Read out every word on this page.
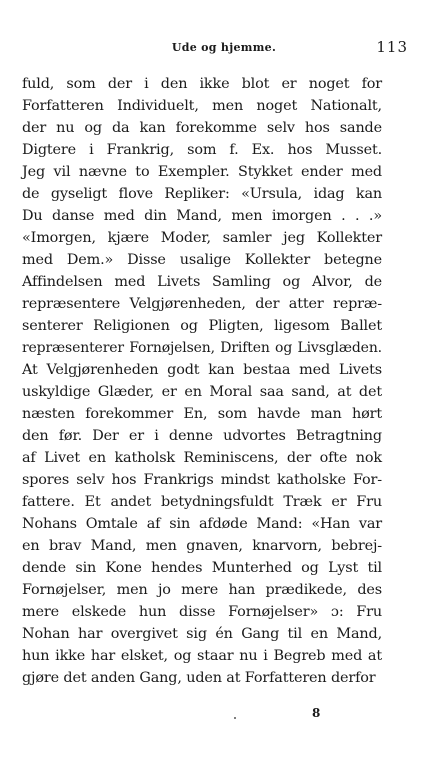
Ude og hjemme.	113
fuld, som der i den ikke blot er noget for
Forfatteren Individuelt, men noget Nationalt,
der nu og da kan forekomme selv hos sande
Digtere i Frankrig, som f. Ex. hos Musset.
Jeg vil nævne to Exempler. Stykket ender med
de gyseligt flove Repliker: «Ursula, idag kan
Du danse med din Mand, men imorgen . . .»
«Imorgen, kjære Moder, samler jeg Kollekter
med Dem.» Disse usalige Kollekter betegne
Affindelsen med Livets Samling og Alvor, de
repræsentere Velgjørenheden, der atter repræ-
senterer Religionen og Pligten, ligesom Ballet
repræsenterer Fornøjelsen, Driften og Livsglæden.
At Velgjørenheden godt kan bestaa med Livets
uskyldige Glæder, er en Moral saa sand, at det
næsten forekommer En, som havde man hørt
den før. Der er i denne udvortes Betragtning
af Livet en katholsk Reminiscens, der ofte nok
spores selv hos Frankrigs mindst katholske For-
fattere. Et andet betydningsfuldt Træk er Fru
Nohans Omtale af sin afdøde Mand: «Han var
en brav Mand, men gnaven, knarvorn, bebrej-
dende sin Kone hendes Munterhed og Lyst til
Fornøjelser, men jo mere han prædikede, des
mere elskede hun disse Fornøjelser» ɔ: Fru
Nohan har overgivet sig én Gang til en Mand,
hun ikke har elsket, og staar nu i Begreb med at
gjøre det anden Gang, uden at Forfatteren derfor
8
